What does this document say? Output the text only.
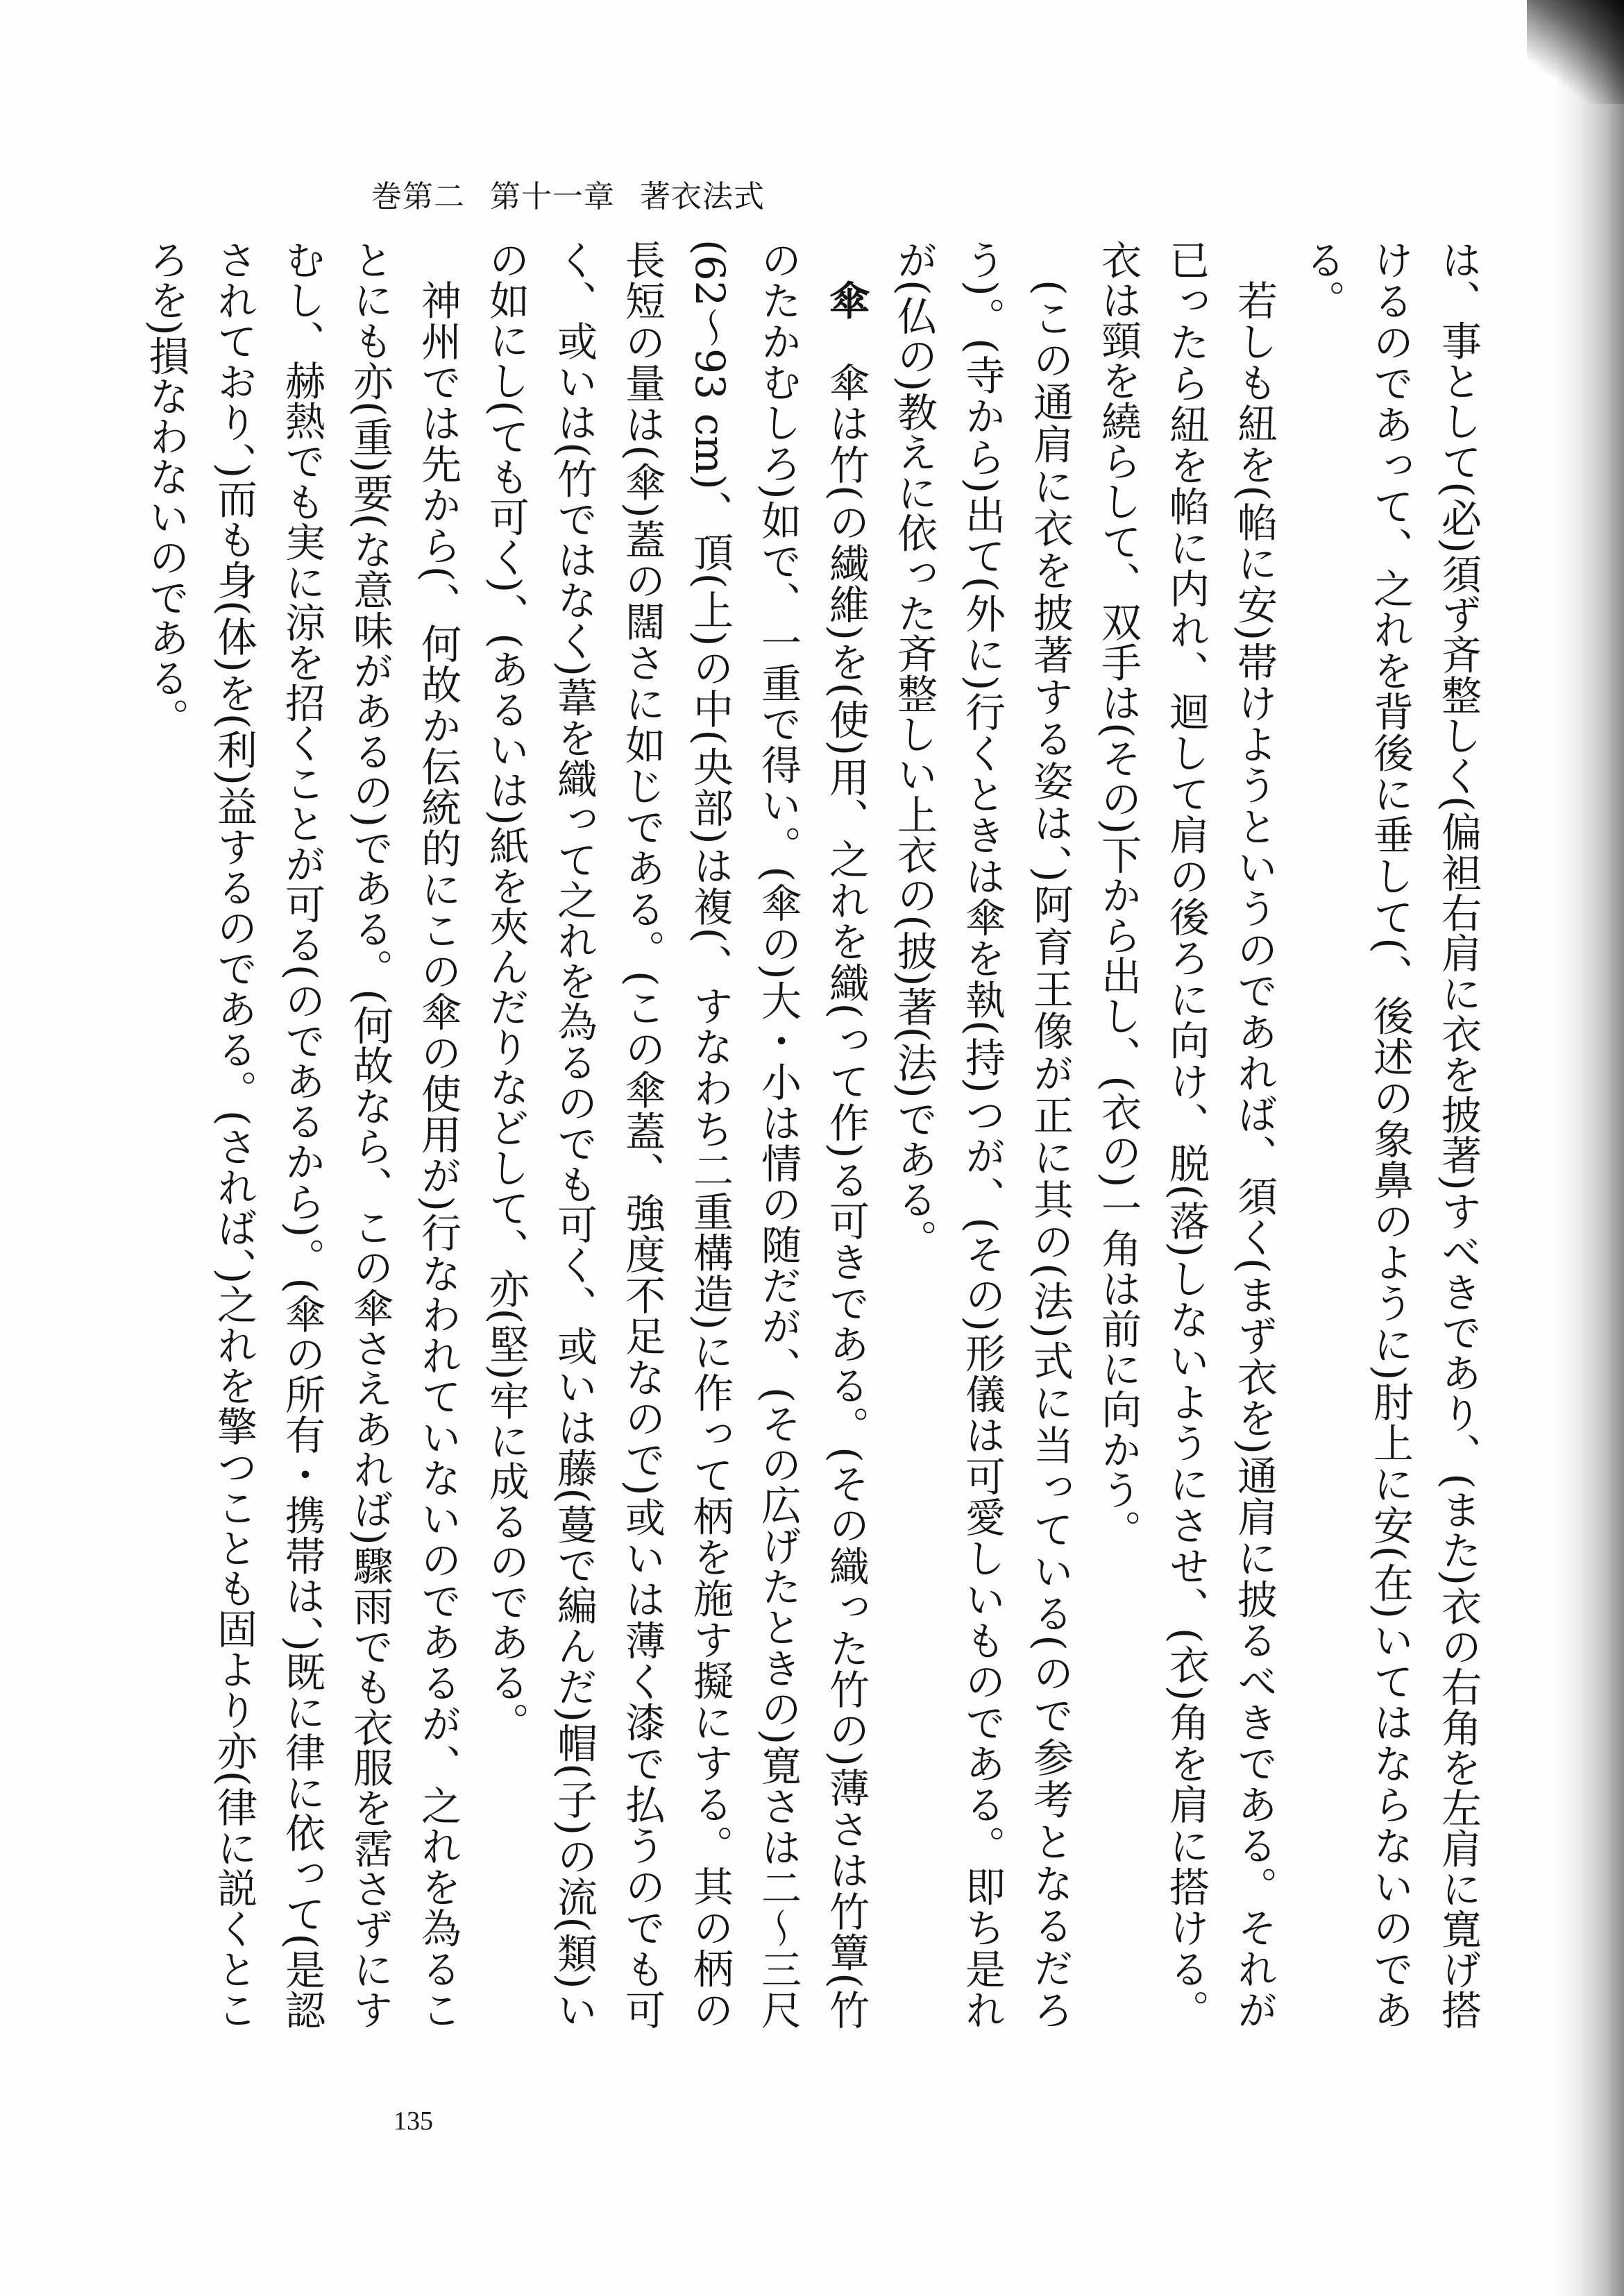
巻第二 第十一章 著衣法式

は、事として(必)須ず斉整しく(偏袒右肩に衣を披著)すべきであり、(また)衣の右角を左肩に寛げ搭けるのであって、之れを背後に垂して(、後述の象鼻のように)肘上に安(在)いてはならないのである。

若しも紐を(㡊に安)帯けようというのであれば、須く(まず衣を)通肩に披るべきである。それが已ったら紐を㡊に内れ、迴して肩の後ろに向け、脱(落)しないようにさせ、(衣)角を肩に搭ける。衣は頸を繞らして、双手は(その)下から出し、(衣の)一角は前に向かう。

(この通肩に衣を披著する姿は、)阿育王像が正に其の(法)式に当っている(ので参考となるだろう)。(寺から)出て(外に)行くときは傘を執(持)つが、(その)形儀は可愛しいものである。即ち是れが(仏の)教えに依った斉整しい上衣の(披)著(法)である。

傘　傘は竹(の繊維)を(使)用、之れを織(って作)る可きである。(その織った竹の)薄さは竹簟(竹のたかむしろ)如で、一重で得い。(傘の)大・小は情の随だが、(その広げたときの)寛さは二～三尺(62～93 cm)、頂(上)の中(央部)は複(、すなわち二重構造)に作って柄を施す擬にする。其の柄の長短の量は(傘)蓋の闊さに如じである。(この傘蓋、強度不足なので)或いは薄く漆で払うのでも可く、或いは(竹ではなく)葦を織って之れを為るのでも可く、或いは藤(蔓で編んだ)帽(子)の流(類)いの如にし(ても可く)、(あるいは)紙を夾んだりなどして、亦(堅)牢に成るのである。

神州では先から(、何故か伝統的にこの傘の使用が)行なわれていないのであるが、之れを為ることにも亦(重)要(な意味があるの)である。(何故なら、この傘さえあれば)驟雨でも衣服を霑さずにすむし、赫熱でも実に涼を招くことが可る(のであるから)。(傘の所有・携帯は、)既に律に依って(是認されており、)而も身(体)を(利)益するのである。(されば、)之れを擎つことも固より亦(律に説くところを)損なわないのである。

135
